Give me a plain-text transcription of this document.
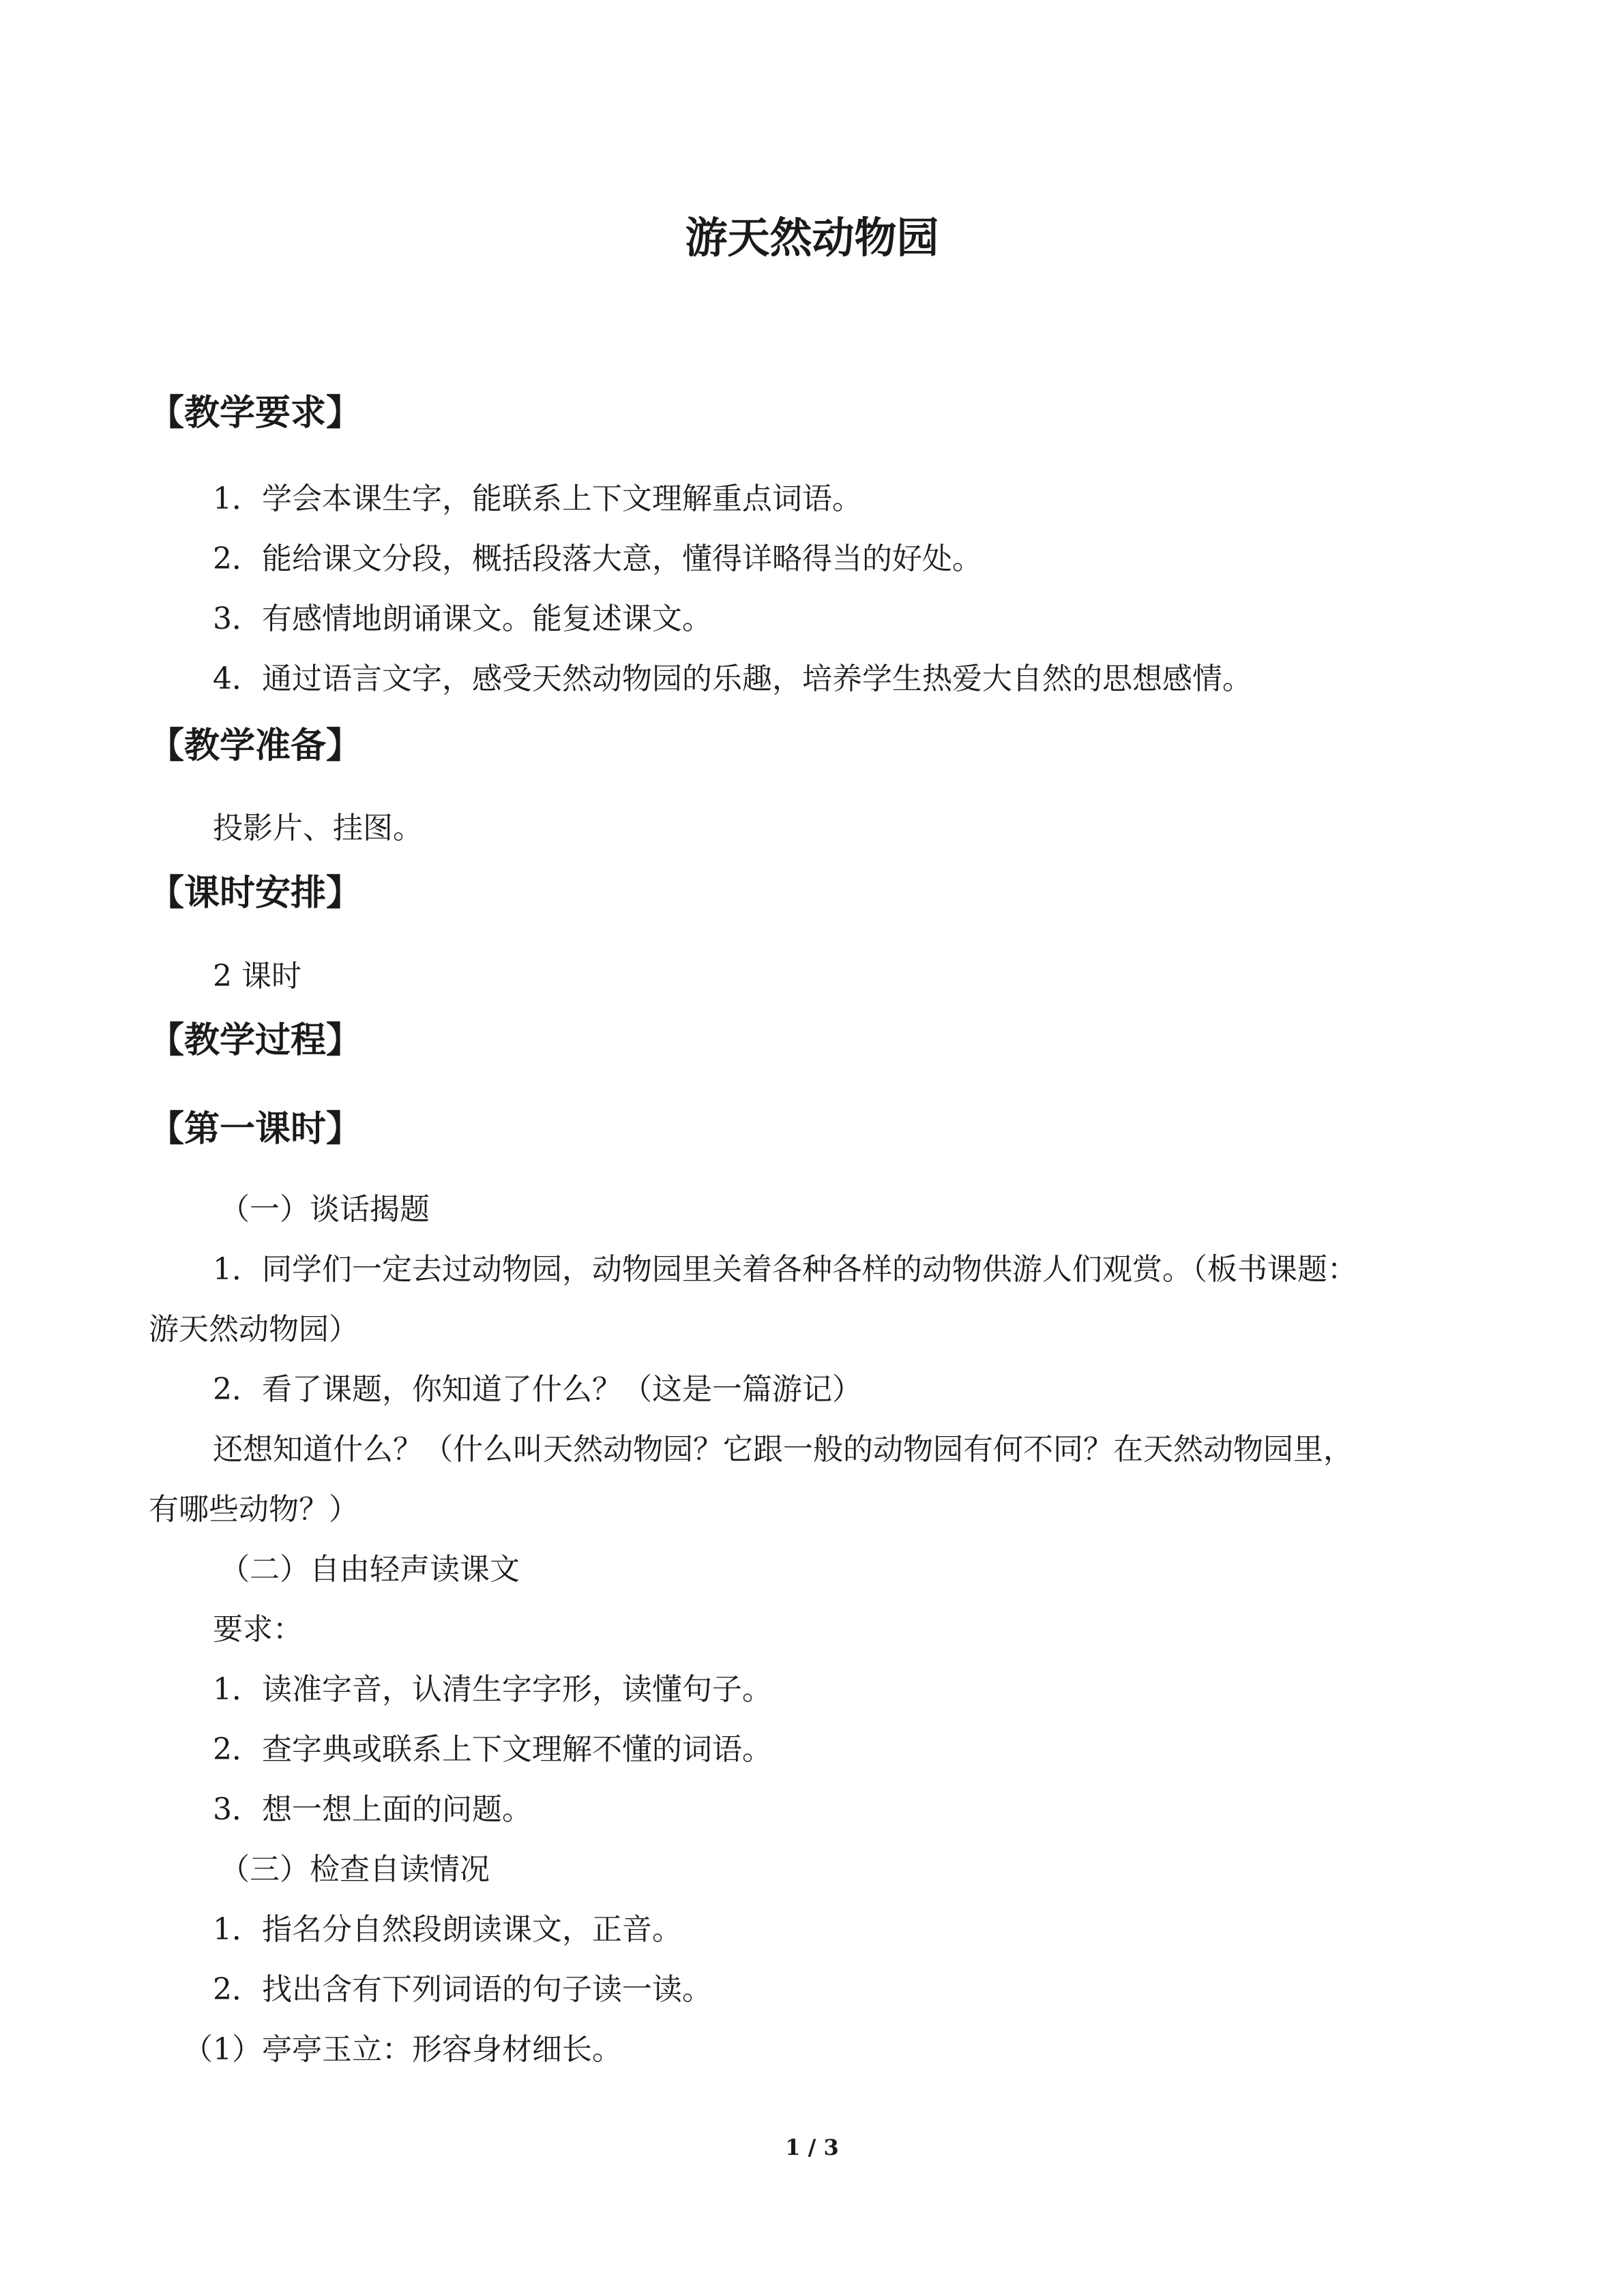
游天然动物园
【教学要求】
1．学会本课生字，能联系上下文理解重点词语。
2．能给课文分段，概括段落大意，懂得详略得当的好处。
3．有感情地朗诵课文。能复述课文。
4．通过语言文字，感受天然动物园的乐趣，培养学生热爱大自然的思想感情。
【教学准备】
投影片、挂图。
【课时安排】
2 课时
【教学过程】
【第一课时】
（一）谈话揭题
1．同学们一定去过动物园，动物园里关着各种各样的动物供游人们观赏。（板书课题：
游天然动物园）
2．看了课题，你知道了什么？（这是一篇游记）
还想知道什么？（什么叫天然动物园？它跟一般的动物园有何不同？在天然动物园里，
有哪些动物？）
（二）自由轻声读课文
要求：
1．读准字音，认清生字字形，读懂句子。
2．查字典或联系上下文理解不懂的词语。
3．想一想上面的问题。
（三）检查自读情况
1．指名分自然段朗读课文，正音。
2．找出含有下列词语的句子读一读。
（1）亭亭玉立：形容身材细长。
1 / 3
